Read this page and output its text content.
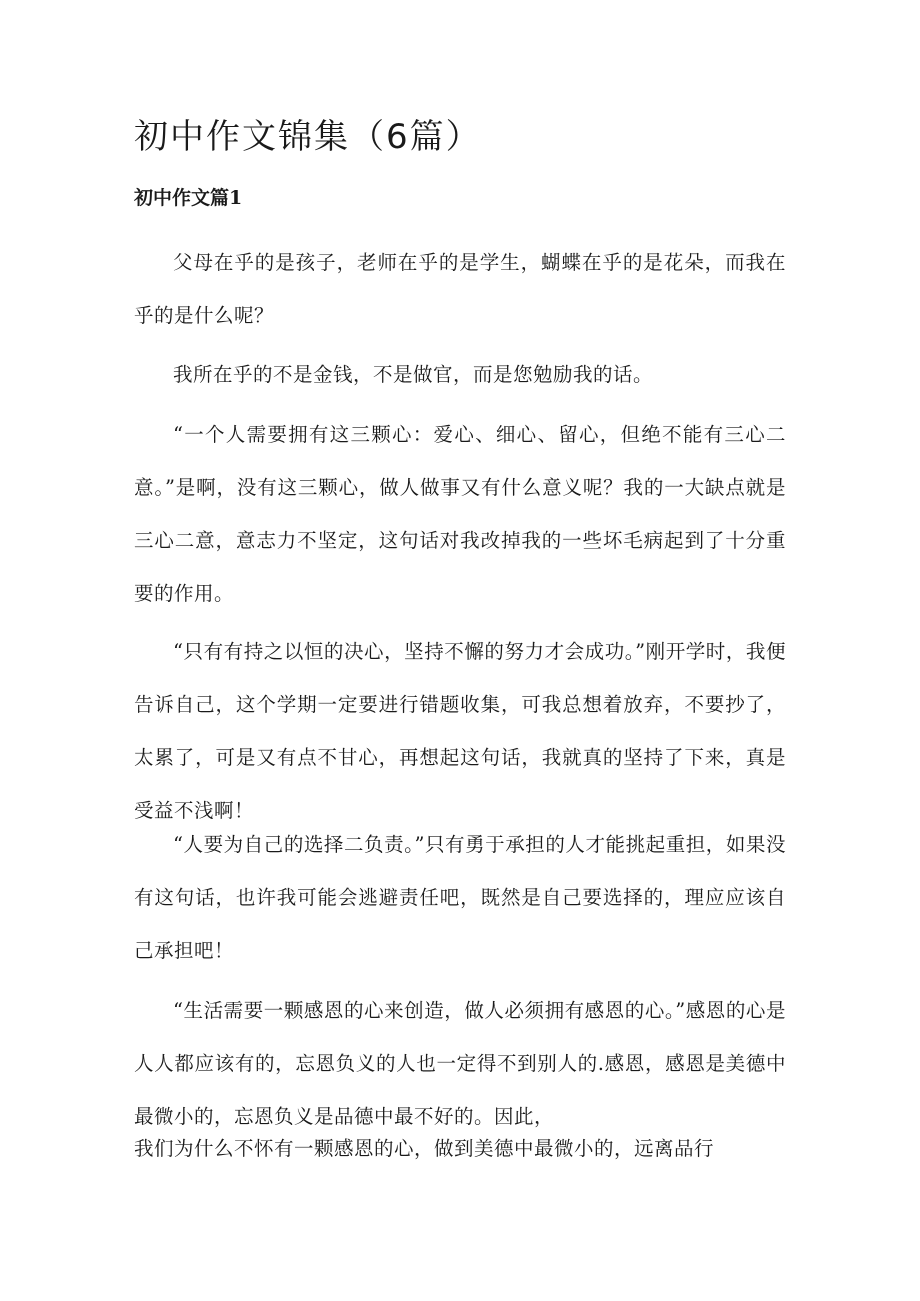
初中作文锦集（6篇）
初中作文篇1

父母在乎的是孩子，老师在乎的是学生，蝴蝶在乎的是花朵，而我在乎的是什么呢？

我所在乎的不是金钱，不是做官，而是您勉励我的话。

“一个人需要拥有这三颗心：爱心、细心、留心，但绝不能有三心二意。”是啊，没有这三颗心，做人做事又有什么意义呢？我的一大缺点就是三心二意，意志力不坚定，这句话对我改掉我的一些坏毛病起到了十分重要的作用。

“只有有持之以恒的决心，坚持不懈的努力才会成功。”刚开学时，我便告诉自己，这个学期一定要进行错题收集，可我总想着放弃，不要抄了，太累了，可是又有点不甘心，再想起这句话，我就真的坚持了下来，真是受益不浅啊！

“人要为自己的选择二负责。”只有勇于承担的人才能挑起重担，如果没有这句话，也许我可能会逃避责任吧，既然是自己要选择的，理应应该自己承担吧！

“生活需要一颗感恩的心来创造，做人必须拥有感恩的心。”感恩的心是人人都应该有的，忘恩负义的人也一定得不到别人的.感恩，感恩是美德中最微小的，忘恩负义是品德中最不好的。因此，

我们为什么不怀有一颗感恩的心，做到美德中最微小的，远离品行
